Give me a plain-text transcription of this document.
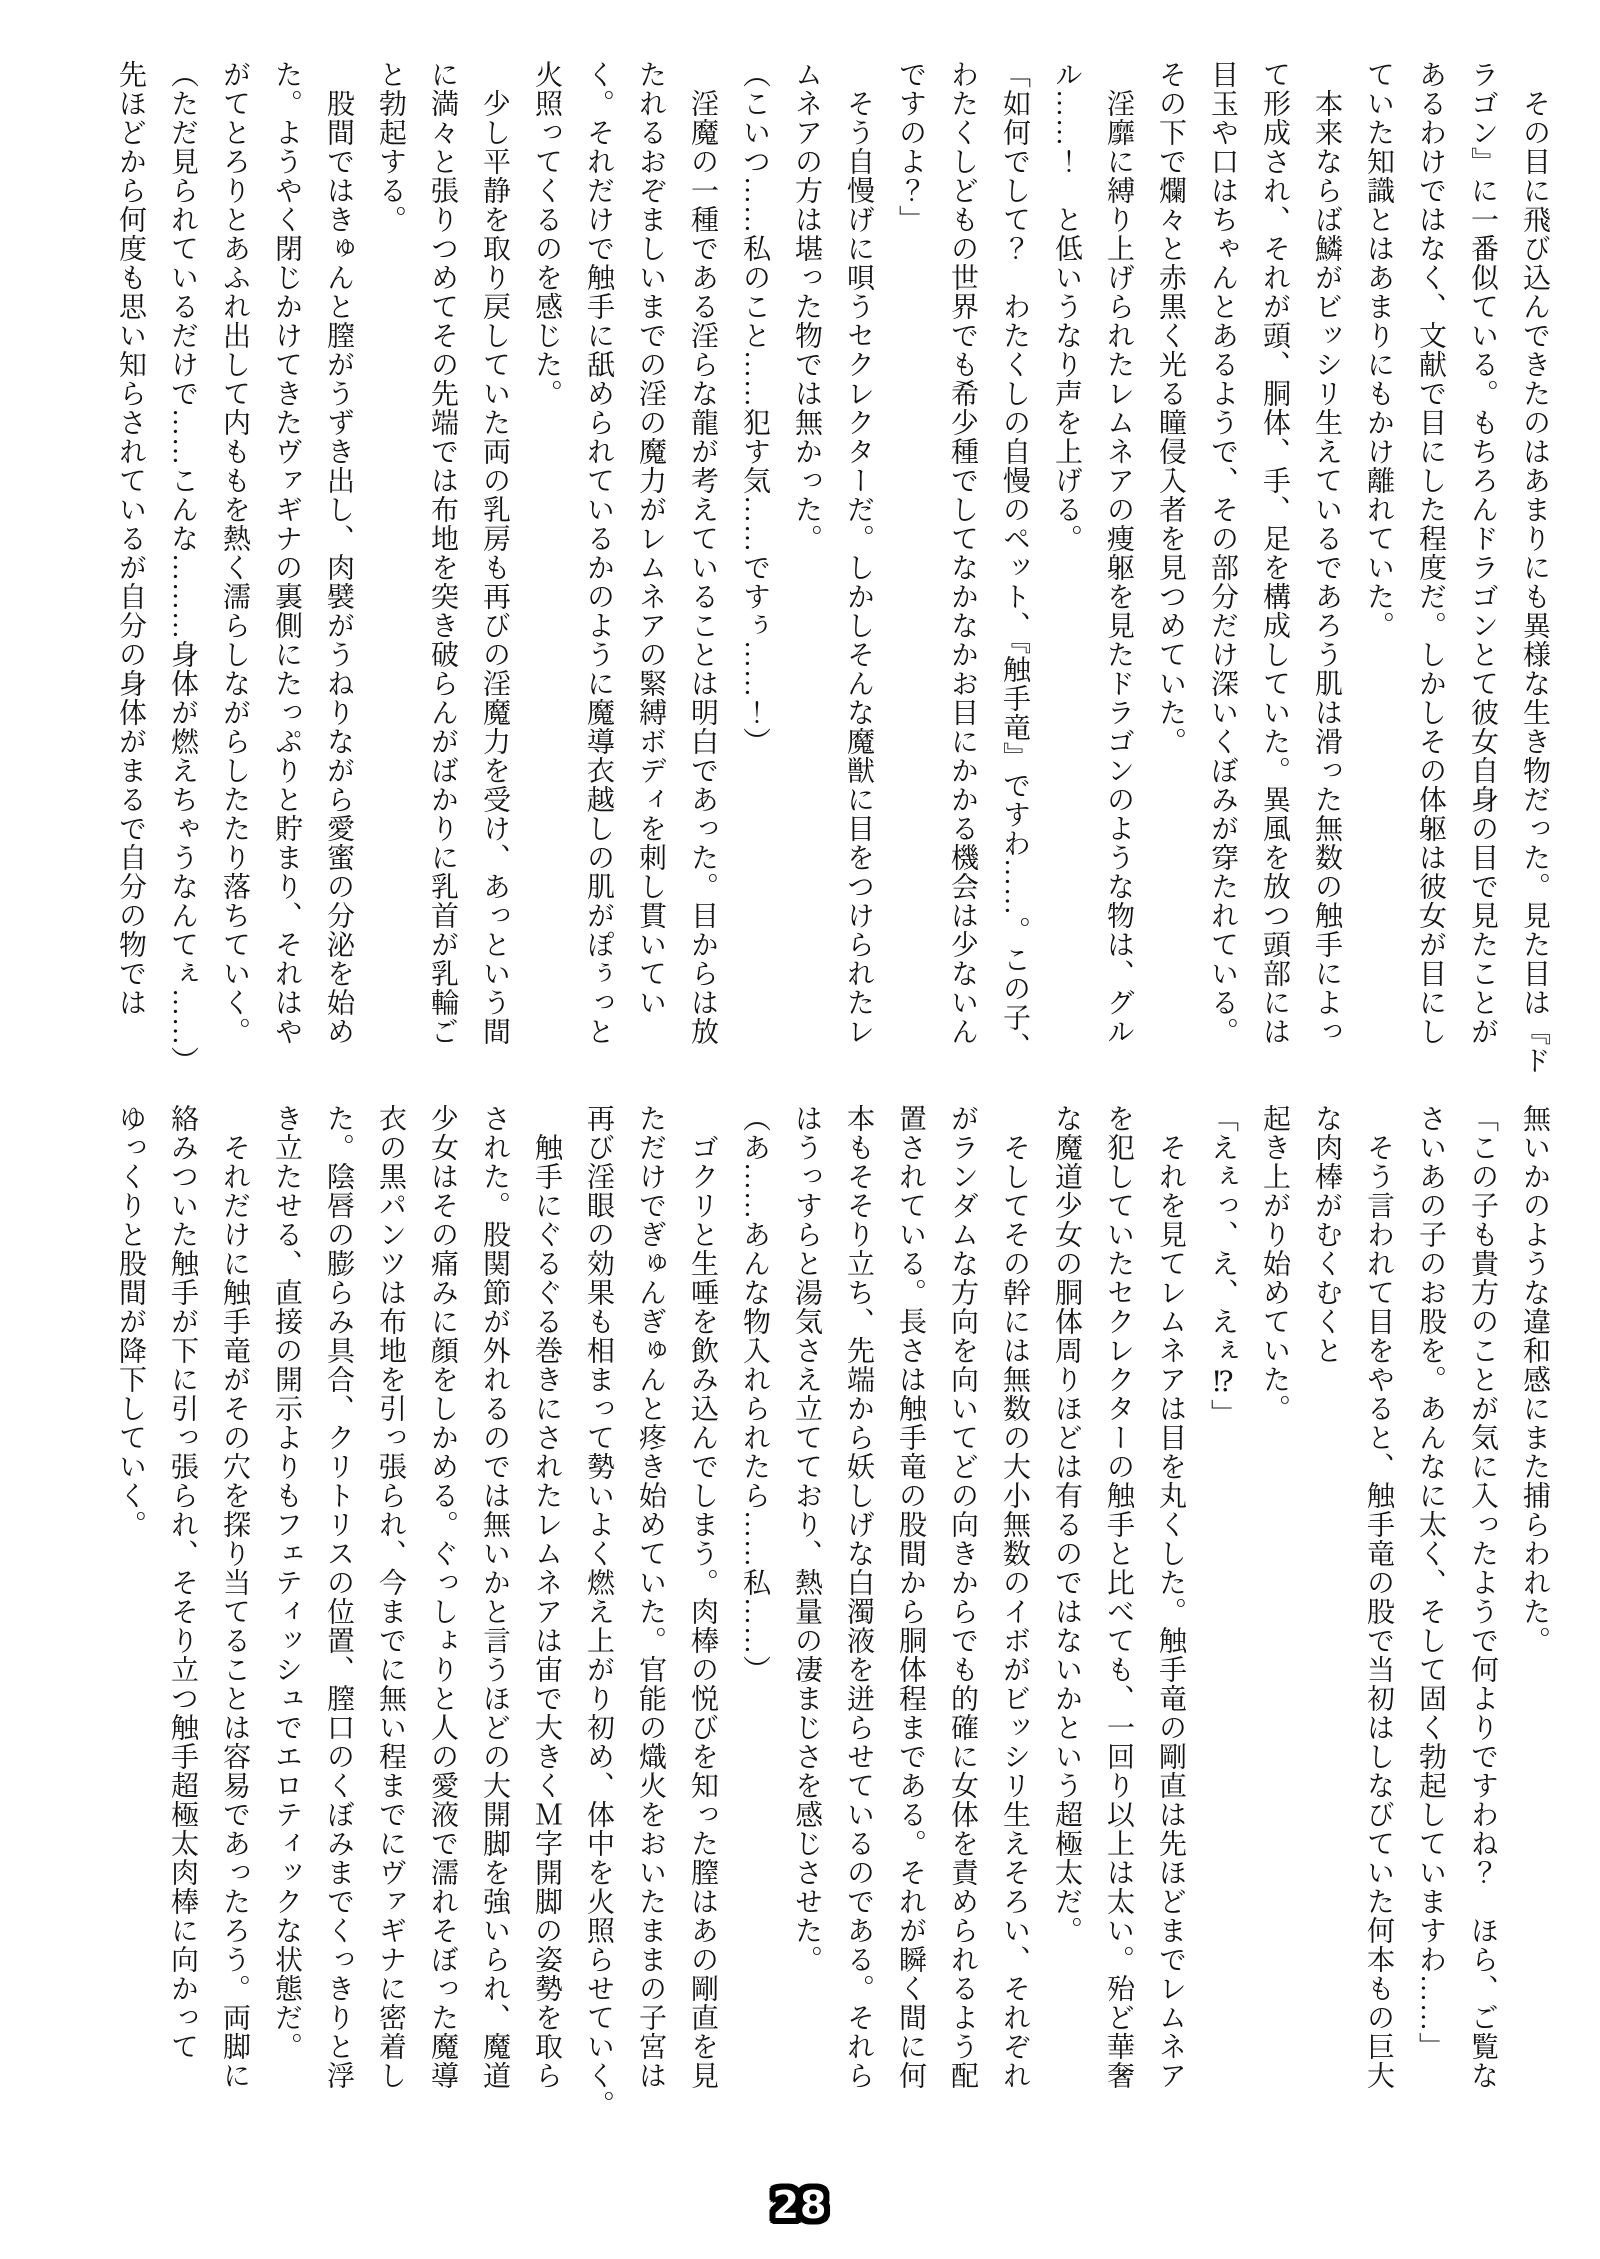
　その目に飛び込んできたのはあまりにも異様な生き物だった。見た目は『ド
ラゴン』に一番似ている。もちろんドラゴンとて彼女自身の目で見たことが
あるわけではなく、文献で目にした程度だ。しかしその体躯は彼女が目にし
ていた知識とはあまりにもかけ離れていた。
　本来ならば鱗がビッシリ生えているであろう肌は滑った無数の触手によっ
て形成され、それが頭、胴体、手、足を構成していた。異風を放つ頭部には
目玉や口はちゃんとあるようで、その部分だけ深いくぼみが穿たれている。
その下で爛々と赤黒く光る瞳侵入者を見つめていた。
　淫靡に縛り上げられたレムネアの痩躯を見たドラゴンのような物は、グル
ル……！　と低いうなり声を上げる。
「如何でして？　わたくしの自慢のペット、『触手竜』ですわ……。この子、
わたくしどもの世界でも希少種でしてなかなかお目にかかる機会は少ないん
ですのよ？」
　そう自慢げに唄うセクレクターだ。しかしそんな魔獣に目をつけられたレ
ムネアの方は堪った物では無かった。
（こいつ……私のこと……犯す気……ですぅ……！）
　淫魔の一種である淫らな龍が考えていることは明白であった。目からは放
たれるおぞましいまでの淫の魔力がレムネアの緊縛ボディを刺し貫いてい
く。それだけで触手に舐められているかのように魔導衣越しの肌がぽぅっと
火照ってくるのを感じた。
　少し平静を取り戻していた両の乳房も再びの淫魔力を受け、あっという間
に満々と張りつめてその先端では布地を突き破らんがばかりに乳首が乳輪ご
と勃起する。
　股間ではきゅんと膣がうずき出し、肉襞がうねりながら愛蜜の分泌を始め
た。ようやく閉じかけてきたヴァギナの裏側にたっぷりと貯まり、それはや
がてとろりとあふれ出して内ももを熱く濡らしながらしたたり落ちていく。
（ただ見られているだけで……こんな………身体が燃えちゃうなんてぇ……）
先ほどから何度も思い知らされているが自分の身体がまるで自分の物では
無いかのような違和感にまた捕らわれた。
「この子も貴方のことが気に入ったようで何よりですわね？　ほら、ご覧な
さいあの子のお股を。あんなに太く、そして固く勃起していますわ……」
　そう言われて目をやると、触手竜の股で当初はしなびていた何本もの巨大
な肉棒がむくむくと
起き上がり始めていた。
「えぇっ、え、えぇ⁉」
　それを見てレムネアは目を丸くした。触手竜の剛直は先ほどまでレムネア
を犯していたセクレクターの触手と比べても、一回り以上は太い。殆ど華奢
な魔道少女の胴体周りほどは有るのではないかという超極太だ。
　そしてその幹には無数の大小無数のイボがビッシリ生えそろい、それぞれ
がランダムな方向を向いてどの向きからでも的確に女体を責められるよう配
置されている。長さは触手竜の股間から胴体程まである。それが瞬く間に何
本もそそり立ち、先端から妖しげな白濁液を迸らせているのである。それら
はうっすらと湯気さえ立てており、熱量の凄まじさを感じさせた。
（あ……あんな物入れられたら……私……）
　ゴクリと生唾を飲み込んでしまう。肉棒の悦びを知った膣はあの剛直を見
ただけでぎゅんぎゅんと疼き始めていた。官能の熾火をおいたままの子宮は
再び淫眼の効果も相まって勢いよく燃え上がり初め、体中を火照らせていく。
　触手にぐるぐる巻きにされたレムネアは宙で大きくＭ字開脚の姿勢を取ら
された。股関節が外れるのでは無いかと言うほどの大開脚を強いられ、魔道
少女はその痛みに顔をしかめる。ぐっしょりと人の愛液で濡れそぼった魔導
衣の黒パンツは布地を引っ張られ、今までに無い程までにヴァギナに密着し
た。陰唇の膨らみ具合、クリトリスの位置、膣口のくぼみまでくっきりと浮
き立たせる、直接の開示よりもフェティッシュでエロティックな状態だ。
　それだけに触手竜がその穴を探り当てることは容易であったろう。両脚に
絡みついた触手が下に引っ張られ、そそり立つ触手超極太肉棒に向かって
ゆっくりと股間が降下していく。
28
